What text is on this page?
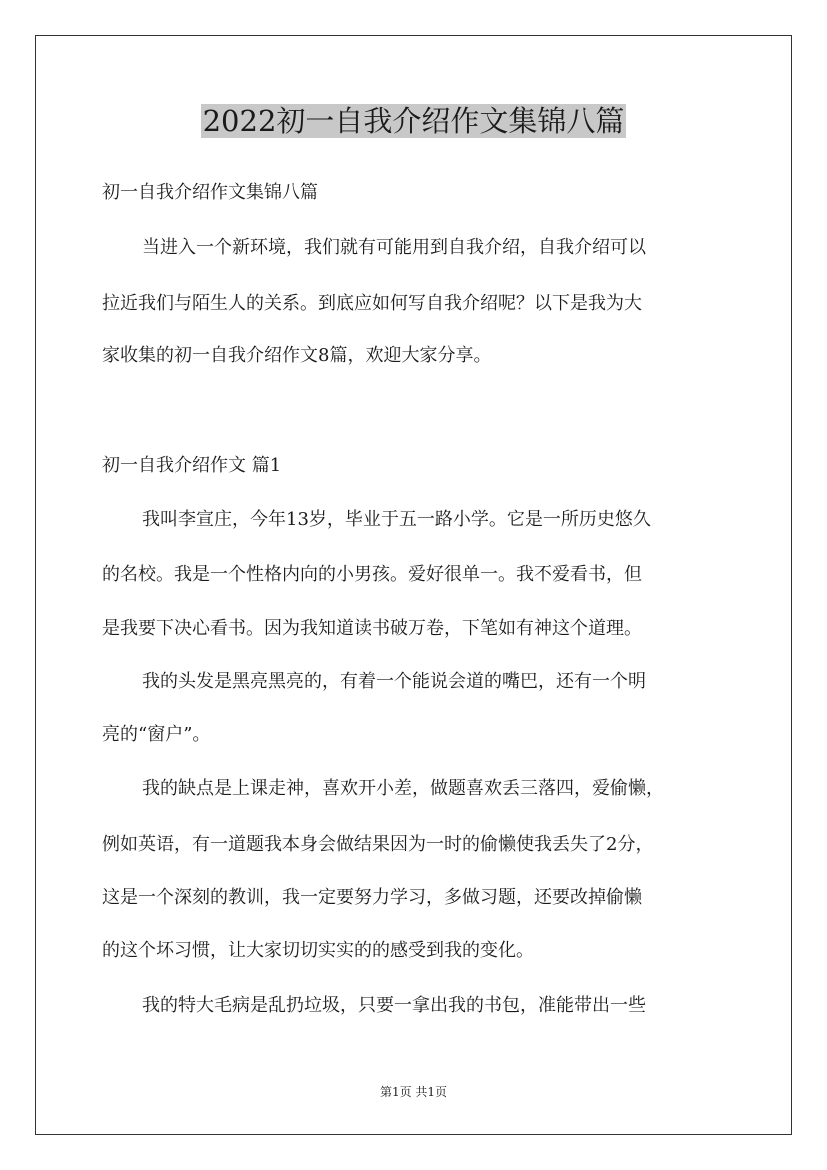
2022初一自我介绍作文集锦八篇
初一自我介绍作文集锦八篇
当进入一个新环境，我们就有可能用到自我介绍，自我介绍可以
拉近我们与陌生人的关系。到底应如何写自我介绍呢？以下是我为大
家收集的初一自我介绍作文8篇，欢迎大家分享。
初一自我介绍作文 篇1
我叫李宣庄，今年13岁，毕业于五一路小学。它是一所历史悠久
的名校。我是一个性格内向的小男孩。爱好很单一。我不爱看书，但
是我要下决心看书。因为我知道读书破万卷，下笔如有神这个道理。
我的头发是黑亮黑亮的，有着一个能说会道的嘴巴，还有一个明
亮的“窗户”。
我的缺点是上课走神，喜欢开小差，做题喜欢丢三落四，爱偷懒，
例如英语，有一道题我本身会做结果因为一时的偷懒使我丢失了2分，
这是一个深刻的教训，我一定要努力学习，多做习题，还要改掉偷懒
的这个坏习惯，让大家切切实实的的感受到我的变化。
我的特大毛病是乱扔垃圾，只要一拿出我的书包，准能带出一些
第1页 共1页
